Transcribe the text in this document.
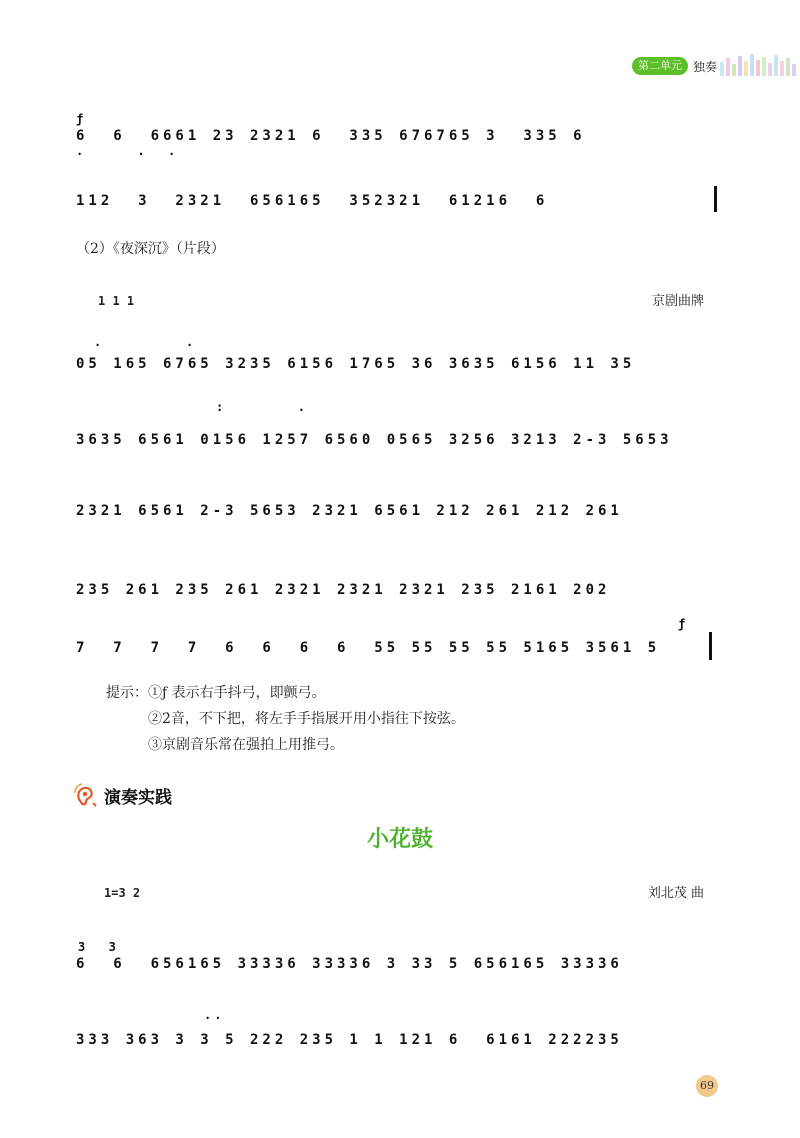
第二单元 独奏
ƒ
6  6  6661 23 2321 6  335 676765 3  335 6
.     .  .
112  3  2321  656165  352321  61216  6
（2）《夜深沉》（片段）
1 1 1	京剧曲牌
.        .
05 165 6765 3235 6156 1765 36 3635 6156 11 35
:       .
3635 6561 0156 1257 6560 0565 3256 3213 2-3 5653
2321 6561 2-3 5653 2321 6561 212 261 212 261
235 261 235 261 2321 2321 2321 235 2161 202
ƒ
7  7  7  7  6  6  6  6  55 55 55 55 5165 3561 5
提示：①ƒ 表示右手抖弓，即颤弓。
②2̇音，不下把，将左手手指展开用小指往下按弦。
③京剧音乐常在强拍上用推弓。
演奏实践
小花鼓
1=3 2	刘北茂 曲
3  3
6  6  656165 33336 33336 3 33 5 656165 33336
..
333 363 3 3 5 222 235 1 1 121 6  6161 222235
69
